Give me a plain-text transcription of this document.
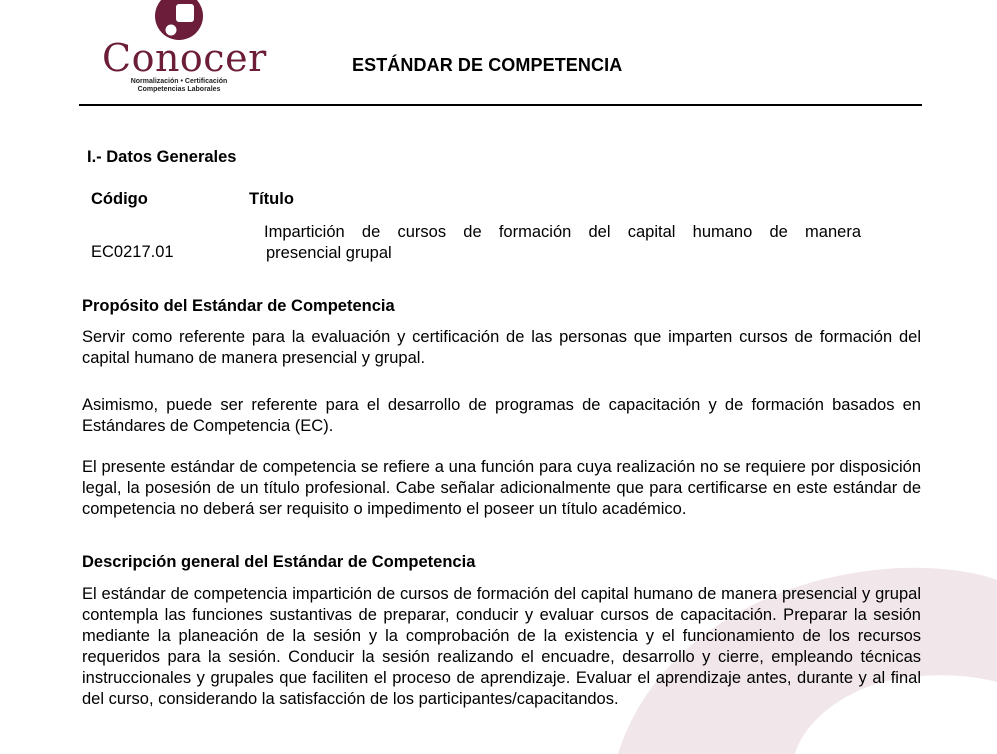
Conocer
Normalización • Certificación
Competencias Laborales
ESTÁNDAR DE COMPETENCIA
I.- Datos Generales
Código	Título
EC0217.01
Impartición de cursos de formación del capital humano de manera
presencial grupal
Propósito del Estándar de Competencia
Servir como referente para la evaluación y certificación de las personas que imparten cursos de formación del capital humano de manera presencial y grupal.
Asimismo, puede ser referente para el desarrollo de programas de capacitación y de formación basados en Estándares de Competencia (EC).
El presente estándar de competencia se refiere a una función para cuya realización no se requiere por disposición legal, la posesión de un título profesional. Cabe señalar adicionalmente que para certificarse en este estándar de competencia no deberá ser requisito o impedimento el poseer un título académico.
Descripción general del Estándar de Competencia
El estándar de competencia impartición de cursos de formación del capital humano de manera presencial y grupal contempla las funciones sustantivas de preparar, conducir y evaluar cursos de capacitación. Preparar la sesión mediante la planeación de la sesión y la comprobación de la existencia y el funcionamiento de los recursos requeridos para la sesión. Conducir la sesión realizando el encuadre, desarrollo y cierre, empleando técnicas instruccionales y grupales que faciliten el proceso de aprendizaje. Evaluar el aprendizaje antes, durante y al final del curso, considerando la satisfacción de los participantes/capacitandos.
